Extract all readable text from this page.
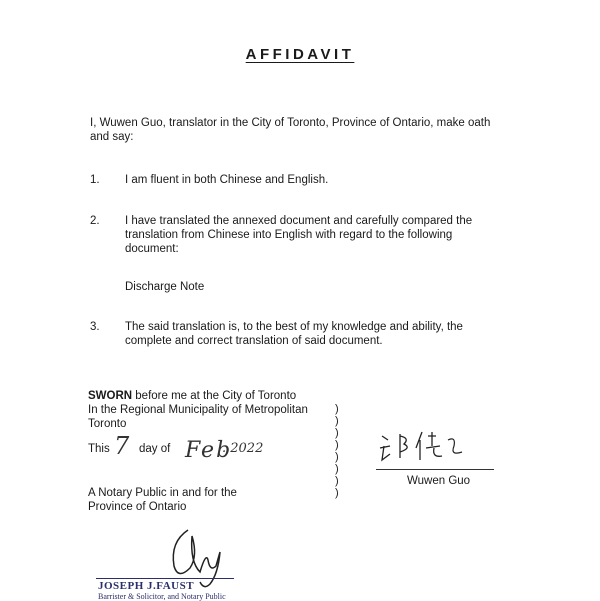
AFFIDAVIT
I, Wuwen Guo, translator in the City of Toronto, Province of Ontario, make oath
and say:
1.	I am fluent in both Chinese and English.
2.	I have translated the annexed document and carefully compared the
translation from Chinese into English with regard to the following
document:
Discharge Note
3.	The said translation is, to the best of my knowledge and ability, the
complete and correct translation of said document.
SWORN before me at the City of Toronto
In the Regional Municipality of Metropolitan
Toronto
This 7 day of Feb
. 2022
A Notary Public in and for the
Province of Ontario
)
)
)
)
)
)
)
)
Wuwen Guo
JOSEPH J.FAUST
Barrister & Solicitor, and Notary Public
